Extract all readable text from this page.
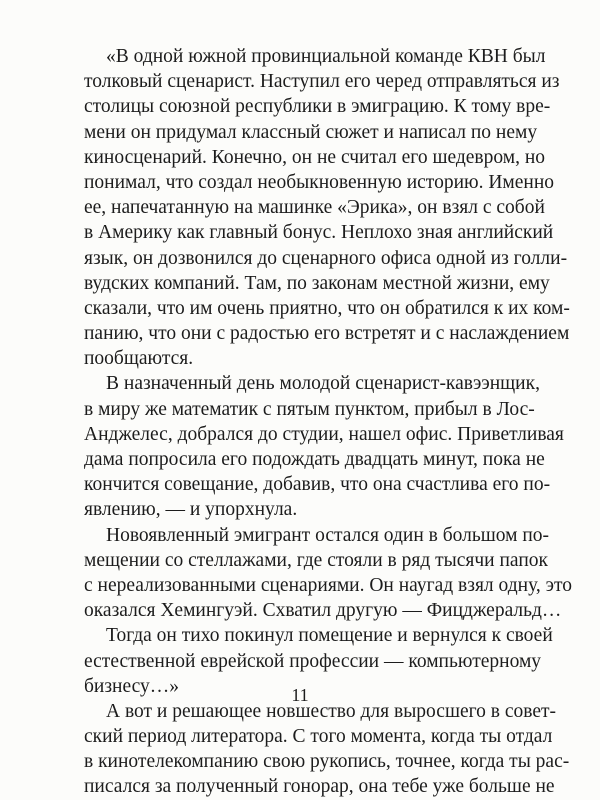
«В одной южной провинциальной команде КВН был
толковый сценарист. Наступил его черед отправляться из
столицы союзной республики в эмиграцию. К тому вре-
мени он придумал классный сюжет и написал по нему
киносценарий. Конечно, он не считал его шедевром, но
понимал, что создал необыкновенную историю. Именно
ее, напечатанную на машинке «Эрика», он взял с собой
в Америку как главный бонус. Неплохо зная английский
язык, он дозвонился до сценарного офиса одной из голли-
вудских компаний. Там, по законам местной жизни, ему
сказали, что им очень приятно, что он обратился к их ком-
панию, что они с радостью его встретят и с наслаждением
пообщаются.
В назначенный день молодой сценарист-кавээнщик,
в миру же математик с пятым пунктом, прибыл в Лос-
Анджелес, добрался до студии, нашел офис. Приветливая
дама попросила его подождать двадцать минут, пока не
кончится совещание, добавив, что она счастлива его по-
явлению, — и упорхнула.
Новоявленный эмигрант остался один в большом по-
мещении со стеллажами, где стояли в ряд тысячи папок
с нереализованными сценариями. Он наугад взял одну, это
оказался Хемингуэй. Схватил другую — Фицджеральд…
Тогда он тихо покинул помещение и вернулся к своей
естественной еврейской профессии — компьютерному
бизнесу…»
А вот и решающее новшество для выросшего в совет-
ский период литератора. С того момента, когда ты отдал
в кинотелекомпанию свою рукопись, точнее, когда ты рас-
писался за полученный гонорар, она тебе уже больше не
11
